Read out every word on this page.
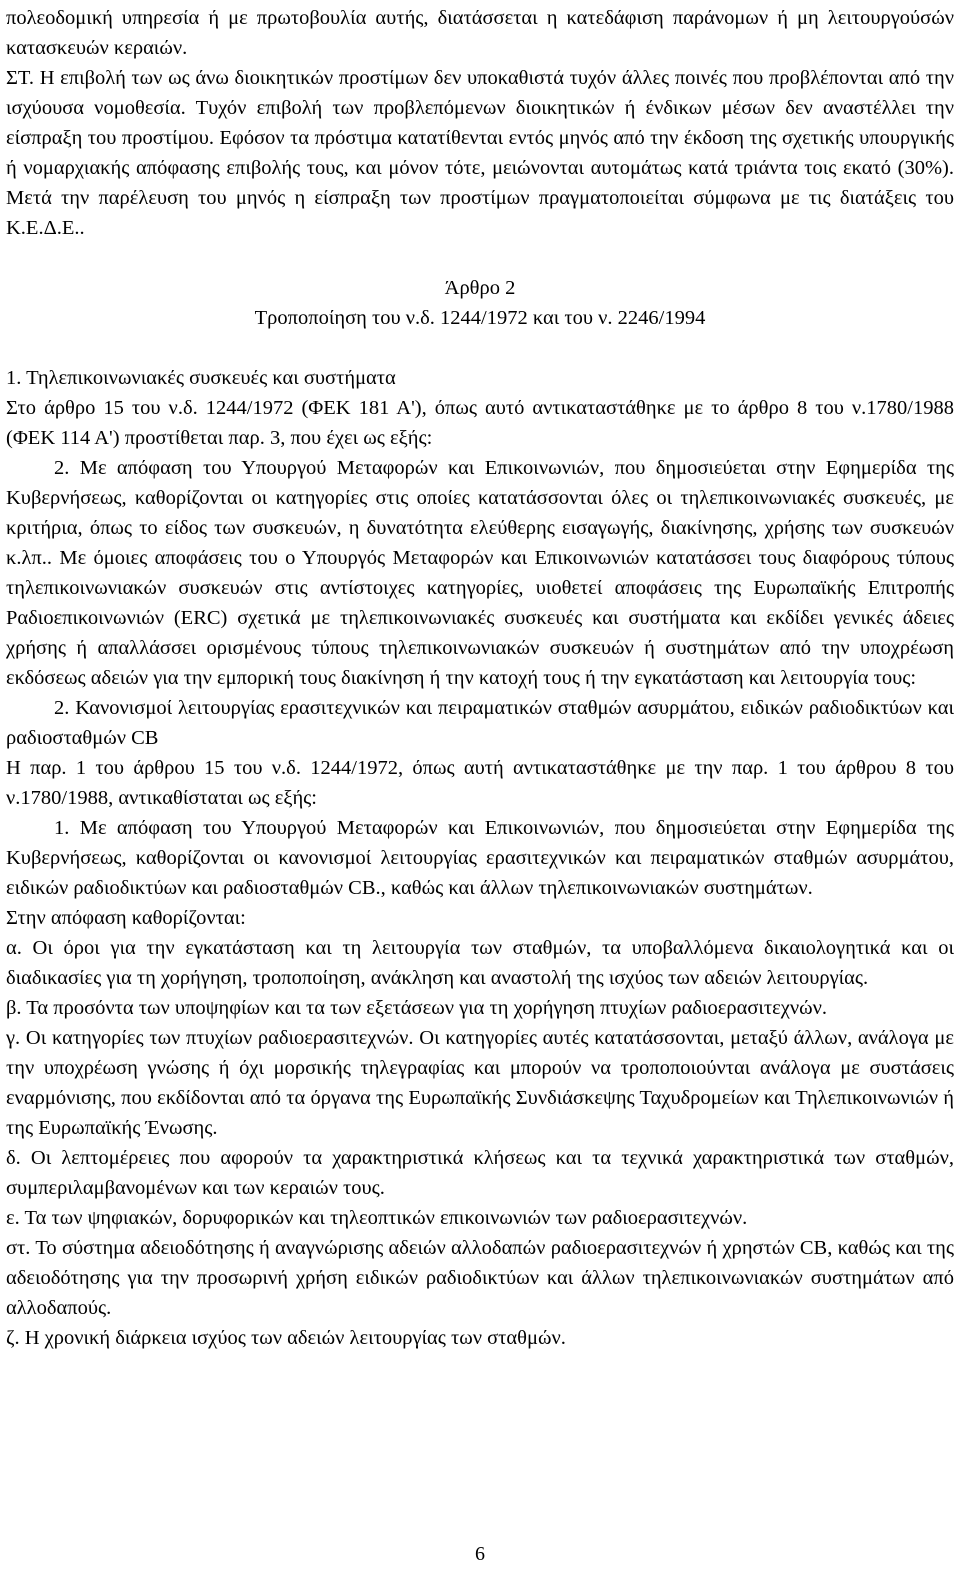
πολεοδομική υπηρεσία ή με πρωτοβουλία αυτής, διατάσσεται η κατεδάφιση παράνομων ή μη λειτουργούσών κατασκευών κεραιών.

ΣΤ. Η επιβολή των ως άνω διοικητικών προστίμων δεν υποκαθιστά τυχόν άλλες ποινές που προβλέπονται από την ισχύουσα νομοθεσία. Τυχόν επιβολή των προβλεπόμενων διοικητικών ή ένδικων μέσων δεν αναστέλλει την είσπραξη του προστίμου. Εφόσον τα πρόστιμα κατατίθενται εντός μηνός από την έκδοση της σχετικής υπουργικής ή νομαρχιακής απόφασης επιβολής τους, και μόνον τότε, μειώνονται αυτομάτως κατά τριάντα τοις εκατό (30%). Μετά την παρέλευση του μηνός η είσπραξη των προστίμων πραγματοποιείται σύμφωνα με τις διατάξεις του Κ.Ε.Δ.Ε..

Άρθρο 2

Τροποποίηση του ν.δ. 1244/1972 και του ν. 2246/1994

1. Τηλεπικοινωνιακές συσκευές και συστήματα

Στο άρθρο 15 του ν.δ. 1244/1972 (ΦΕΚ 181 Α'), όπως αυτό αντικαταστάθηκε με το άρθρο 8 του ν.1780/1988 (ΦΕΚ 114 Α') προστίθεται παρ. 3, που έχει ως εξής:

2. Με απόφαση του Υπουργού Μεταφορών και Επικοινωνιών, που δημοσιεύεται στην Εφημερίδα της Κυβερνήσεως, καθορίζονται οι κατηγορίες στις οποίες κατατάσσονται όλες οι τηλεπικοινωνιακές συσκευές, με κριτήρια, όπως το είδος των συσκευών, η δυνατότητα ελεύθερης εισαγωγής, διακίνησης, χρήσης των συσκευών κ.λπ.. Με όμοιες αποφάσεις του ο Υπουργός Μεταφορών και Επικοινωνιών κατατάσσει τους διαφόρους τύπους τηλεπικοινωνιακών συσκευών στις αντίστοιχες κατηγορίες, υιοθετεί αποφάσεις της Ευρωπαϊκής Επιτροπής Ραδιοεπικοινωνιών (ERC) σχετικά με τηλεπικοινωνιακές συσκευές και συστήματα και εκδίδει γενικές άδειες χρήσης ή απαλλάσσει ορισμένους τύπους τηλεπικοινωνιακών συσκευών ή συστημάτων από την υποχρέωση εκδόσεως αδειών για την εμπορική τους διακίνηση ή την κατοχή τους ή την εγκατάσταση και λειτουργία τους:

2. Κανονισμοί λειτουργίας ερασιτεχνικών και πειραματικών σταθμών ασυρμάτου, ειδικών ραδιοδικτύων και ραδιοσταθμών CB

Η παρ. 1 του άρθρου 15 του ν.δ. 1244/1972, όπως αυτή αντικαταστάθηκε με την παρ. 1 του άρθρου 8 του ν.1780/1988, αντικαθίσταται ως εξής:

1. Με απόφαση του Υπουργού Μεταφορών και Επικοινωνιών, που δημοσιεύεται στην Εφημερίδα της Κυβερνήσεως, καθορίζονται οι κανονισμοί λειτουργίας ερασιτεχνικών και πειραματικών σταθμών ασυρμάτου, ειδικών ραδιοδικτύων και ραδιοσταθμών CB., καθώς και άλλων τηλεπικοινωνιακών συστημάτων.

Στην απόφαση καθορίζονται:

α. Οι όροι για την εγκατάσταση και τη λειτουργία των σταθμών, τα υποβαλλόμενα δικαιολογητικά και οι διαδικασίες για τη χορήγηση, τροποποίηση, ανάκληση και αναστολή της ισχύος των αδειών λειτουργίας.

β. Τα προσόντα των υποψηφίων και τα των εξετάσεων για τη χορήγηση πτυχίων ραδιοερασιτεχνών.

γ. Οι κατηγορίες των πτυχίων ραδιοερασιτεχνών. Οι κατηγορίες αυτές κατατάσσονται, μεταξύ άλλων, ανάλογα με την υποχρέωση γνώσης ή όχι μορσικής τηλεγραφίας και μπορούν να τροποποιούνται ανάλογα με συστάσεις εναρμόνισης, που εκδίδονται από τα όργανα της Ευρωπαϊκής Συνδιάσκεψης Ταχυδρομείων και Τηλεπικοινωνιών ή της Ευρωπαϊκής Ένωσης.

δ. Οι λεπτομέρειες που αφορούν τα χαρακτηριστικά κλήσεως και τα τεχνικά χαρακτηριστικά των σταθμών, συμπεριλαμβανομένων και των κεραιών τους.

ε. Τα των ψηφιακών, δορυφορικών και τηλεοπτικών επικοινωνιών των ραδιοερασιτεχνών.

στ. Το σύστημα αδειοδότησης ή αναγνώρισης αδειών αλλοδαπών ραδιοερασιτεχνών ή χρηστών CB, καθώς και της αδειοδότησης για την προσωρινή χρήση ειδικών ραδιοδικτύων και άλλων τηλεπικοινωνιακών συστημάτων από αλλοδαπούς.

ζ. Η χρονική διάρκεια ισχύος των αδειών λειτουργίας των σταθμών.

6
